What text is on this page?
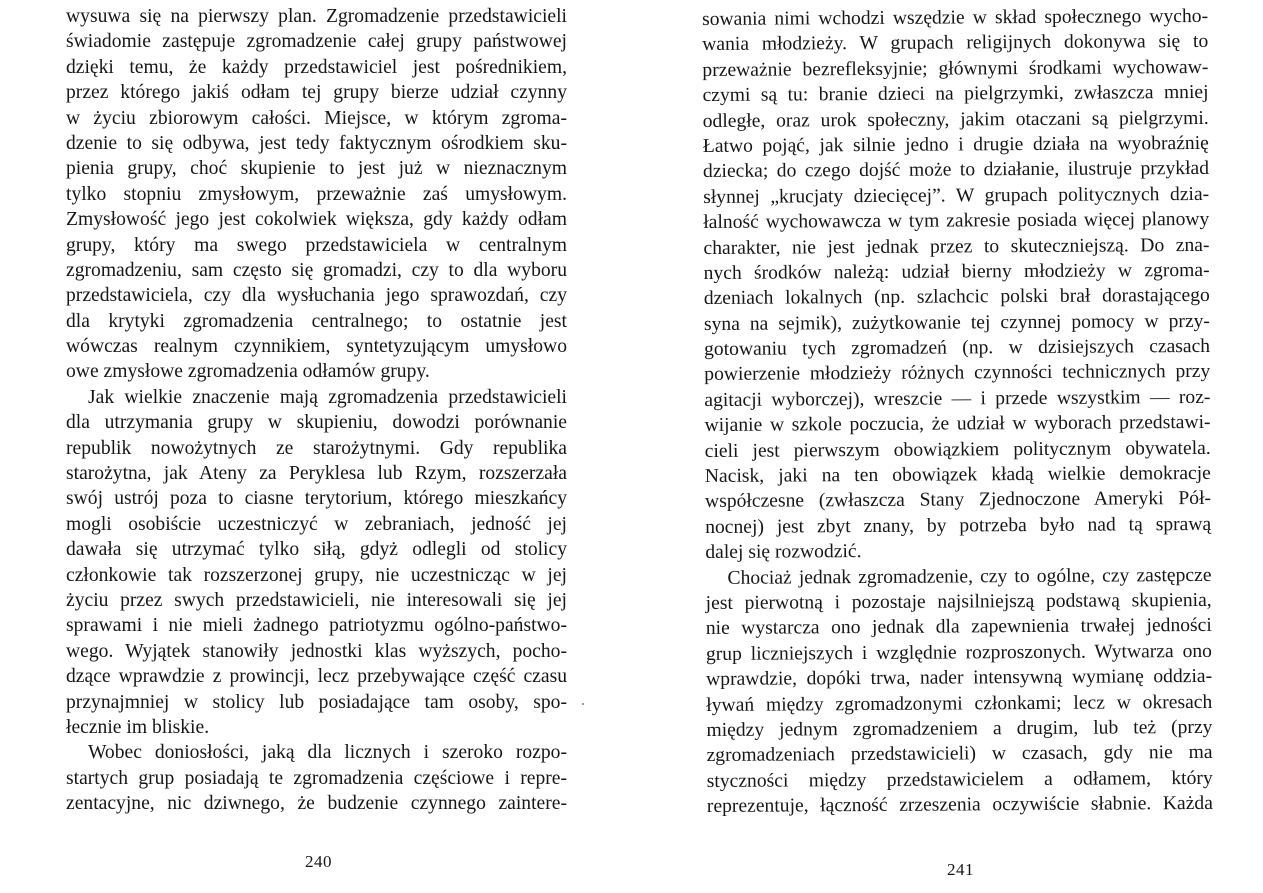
wysuwa się na pierwszy plan. Zgromadzenie przedstawicieli
świadomie zastępuje zgromadzenie całej grupy państwowej
dzięki temu, że każdy przedstawiciel jest pośrednikiem,
przez którego jakiś odłam tej grupy bierze udział czynny
w życiu zbiorowym całości. Miejsce, w którym zgroma-
dzenie to się odbywa, jest tedy faktycznym ośrodkiem sku-
pienia grupy, choć skupienie to jest już w nieznacznym
tylko stopniu zmysłowym, przeważnie zaś umysłowym.
Zmysłowość jego jest cokolwiek większa, gdy każdy odłam
grupy, który ma swego przedstawiciela w centralnym
zgromadzeniu, sam często się gromadzi, czy to dla wyboru
przedstawiciela, czy dla wysłuchania jego sprawozdań, czy
dla krytyki zgromadzenia centralnego; to ostatnie jest
wówczas realnym czynnikiem, syntetyzującym umysłowo
owe zmysłowe zgromadzenia odłamów grupy.
Jak wielkie znaczenie mają zgromadzenia przedstawicieli
dla utrzymania grupy w skupieniu, dowodzi porównanie
republik nowożytnych ze starożytnymi. Gdy republika
starożytna, jak Ateny za Peryklesa lub Rzym, rozszerzała
swój ustrój poza to ciasne terytorium, którego mieszkańcy
mogli osobiście uczestniczyć w zebraniach, jedność jej
dawała się utrzymać tylko siłą, gdyż odlegli od stolicy
członkowie tak rozszerzonej grupy, nie uczestnicząc w jej
życiu przez swych przedstawicieli, nie interesowali się jej
sprawami i nie mieli żadnego patriotyzmu ogólno-państwo-
wego. Wyjątek stanowiły jednostki klas wyższych, pocho-
dzące wprawdzie z prowincji, lecz przebywające część czasu
przynajmniej w stolicy lub posiadające tam osoby, spo-
łecznie im bliskie.
Wobec doniosłości, jaką dla licznych i szeroko rozpo-
startych grup posiadają te zgromadzenia częściowe i repre-
zentacyjne, nic dziwnego, że budzenie czynnego zaintere-
240
sowania nimi wchodzi wszędzie w skład społecznego wycho-
wania młodzieży. W grupach religijnych dokonywa się to
przeważnie bezrefleksyjnie; głównymi środkami wychowaw-
czymi są tu: branie dzieci na pielgrzymki, zwłaszcza mniej
odległe, oraz urok społeczny, jakim otaczani są pielgrzymi.
Łatwo pojąć, jak silnie jedno i drugie działa na wyobraźnię
dziecka; do czego dojść może to działanie, ilustruje przykład
słynnej „krucjaty dziecięcej”. W grupach politycznych dzia-
łalność wychowawcza w tym zakresie posiada więcej planowy
charakter, nie jest jednak przez to skuteczniejszą. Do zna-
nych środków należą: udział bierny młodzieży w zgroma-
dzeniach lokalnych (np. szlachcic polski brał dorastającego
syna na sejmik), zużytkowanie tej czynnej pomocy w przy-
gotowaniu tych zgromadzeń (np. w dzisiejszych czasach
powierzenie młodzieży różnych czynności technicznych przy
agitacji wyborczej), wreszcie — i przede wszystkim — roz-
wijanie w szkole poczucia, że udział w wyborach przedstawi-
cieli jest pierwszym obowiązkiem politycznym obywatela.
Nacisk, jaki na ten obowiązek kładą wielkie demokracje
współczesne (zwłaszcza Stany Zjednoczone Ameryki Pół-
nocnej) jest zbyt znany, by potrzeba było nad tą sprawą
dalej się rozwodzić.
Chociaż jednak zgromadzenie, czy to ogólne, czy zastępcze
jest pierwotną i pozostaje najsilniejszą podstawą skupienia,
nie wystarcza ono jednak dla zapewnienia trwałej jedności
grup liczniejszych i względnie rozproszonych. Wytwarza ono
wprawdzie, dopóki trwa, nader intensywną wymianę oddzia-
ływań między zgromadzonymi członkami; lecz w okresach
między jednym zgromadzeniem a drugim, lub też (przy
zgromadzeniach przedstawicieli) w czasach, gdy nie ma
styczności między przedstawicielem a odłamem, który
reprezentuje, łączność zrzeszenia oczywiście słabnie. Każda
241
